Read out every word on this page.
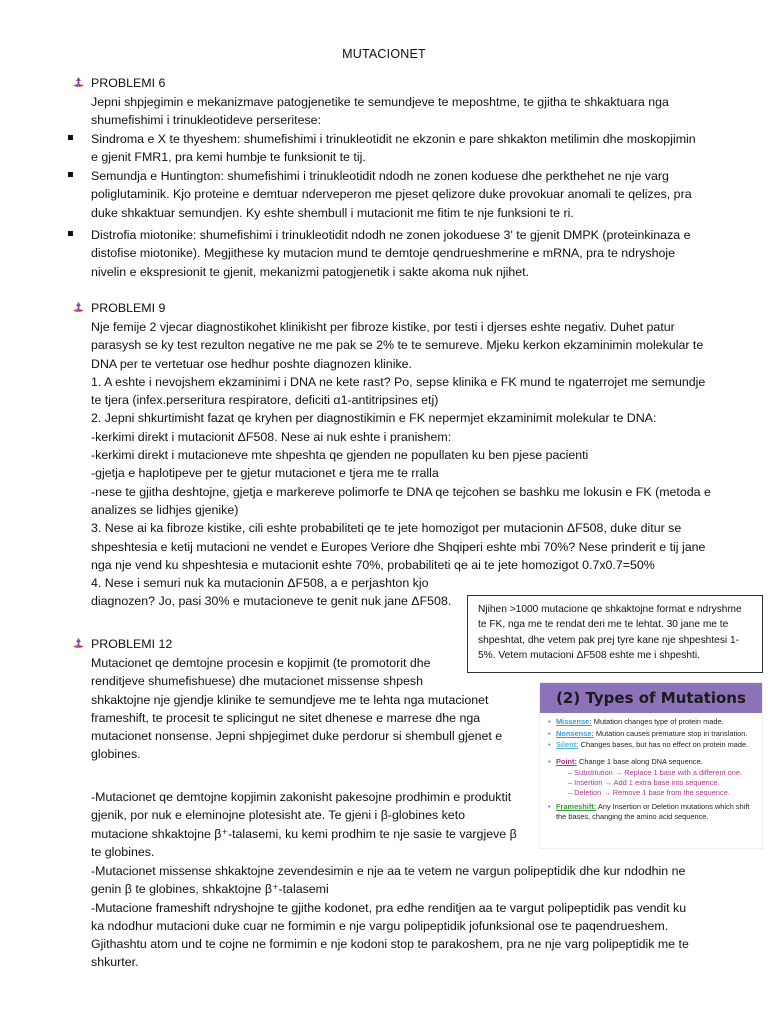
MUTACIONET
PROBLEMI 6
Jepni shpjegimin e mekanizmave patogjenetike te semundjeve te meposhtme, te gjitha te shkaktuara nga
shumefishimi i trinukleotideve perseritese:
Sindroma e X te thyeshem: shumefishimi i trinukleotidit ne ekzonin e pare shkakton metilimin dhe moskopjimin
e gjenit FMR1, pra kemi humbje te funksionit te tij.
Semundja e Huntington: shumefishimi i trinukleotidit ndodh ne zonen koduese dhe perkthehet ne nje varg
poliglutaminik. Kjo proteine e demtuar nderveperon me pjeset qelizore duke provokuar anomali te qelizes, pra
duke shkaktuar semundjen. Ky eshte shembull i mutacionit me fitim te nje funksioni te ri.
Distrofia miotonike: shumefishimi i trinukleotidit ndodh ne zonen jokoduese 3' te gjenit DMPK (proteinkinaza e
distofise miotonike). Megjithese ky mutacion mund te demtoje qendrueshmerine e mRNA, pra te ndryshoje
nivelin e ekspresionit te gjenit, mekanizmi patogjenetik i sakte akoma nuk njihet.
PROBLEMI 9
Nje femije 2 vjecar diagnostikohet klinikisht per fibroze kistike, por testi i djerses eshte negativ. Duhet patur
parasysh se ky test rezulton negative ne me pak se 2% te te semureve. Mjeku kerkon ekzaminimin molekular te
DNA per te vertetuar ose hedhur poshte diagnozen klinike.
1. A eshte i nevojshem ekzaminimi i DNA ne kete rast? Po, sepse klinika e FK mund te ngaterrojet me semundje
te tjera (infex.perseritura respiratore, deficiti α1-antitripsines etj)
2. Jepni shkurtimisht fazat qe kryhen per diagnostikimin e FK nepermjet ekzaminimit molekular te DNA:
-kerkimi direkt i mutacionit ΔF508. Nese ai nuk eshte i pranishem:
-kerkimi direkt i mutacioneve mte shpeshta qe gjenden ne popullaten ku ben pjese pacienti
-gjetja e haplotipeve per te gjetur mutacionet e tjera me te rralla
-nese te gjitha deshtojne, gjetja e markereve polimorfe te DNA qe tejcohen se bashku me lokusin e FK (metoda e
analizes se lidhjes gjenike)
3. Nese ai ka fibroze kistike, cili eshte probabiliteti qe te jete homozigot per mutacionin ΔF508, duke ditur se
shpeshtesia e ketij mutacioni ne vendet e Europes Veriore dhe Shqiperi eshte mbi 70%? Nese prinderit e tij jane
nga nje vend ku shpeshtesia e mutacionit eshte 70%, probabiliteti qe ai te jete homozigot 0.7x0.7=50%
4. Nese i semuri nuk ka mutacionin ΔF508, a e perjashton kjo
diagnozen? Jo, pasi 30% e mutacioneve te genit nuk jane ΔF508.
Njihen >1000 mutacione qe shkaktojne format e ndryshme
te FK, nga me te rendat deri me te lehtat. 30 jane me te
shpeshtat, dhe vetem pak prej tyre kane nje shpeshtesi 1-
5%. Vetem mutacioni ΔF508 eshte me i shpeshti.
PROBLEMI 12
Mutacionet qe demtojne procesin e kopjimit (te promotorit dhe
renditjeve shumefishuese) dhe mutacionet missense shpesh
shkaktojne nje gjendje klinike te semundjeve me te lehta nga mutacionet
frameshift, te procesit te splicingut ne sitet dhenese e marrese dhe nga
mutacionet nonsense. Jepni shpjegimet duke perdorur si shembull gjenet e
globines.
-Mutacionet qe demtojne kopjimin zakonisht pakesojne prodhimin e produktit
gjenik, por nuk e eleminojne plotesisht ate. Te gjeni i β-globines keto
mutacione shkaktojne β⁺-talasemi, ku kemi prodhim te nje sasie te vargjeve β
te globines.
-Mutacionet missense shkaktojne zevendesimin e nje aa te vetem ne vargun polipeptidik dhe kur ndodhin ne
genin β te globines, shkaktojne β⁺-talasemi
-Mutacione frameshift ndryshojne te gjithe kodonet, pra edhe renditjen aa te vargut polipeptidik pas vendit ku
ka ndodhur mutacioni duke cuar ne formimin e nje vargu polipeptidik jofunksional ose te paqendrueshem.
Gjithashtu atom und te cojne ne formimin e nje kodoni stop te parakoshem, pra ne nje varg polipeptidik me te
shkurter.
(2) Types of Mutations
• Missense: Mutation changes type of protein made.
• Nonsense: Mutation causes premature stop in translation.
• Silent: Changes bases, but has no effect on protein made.
• Point: Change 1 base along DNA sequence.
– Substitution → Replace 1 base with a different one.
– Insertion → Add 1 extra base into sequence.
– Deletion → Remove 1 base from the sequence.
• Frameshift: Any Insertion or Deletion mutations which shift the bases, changing the amino acid sequence.
